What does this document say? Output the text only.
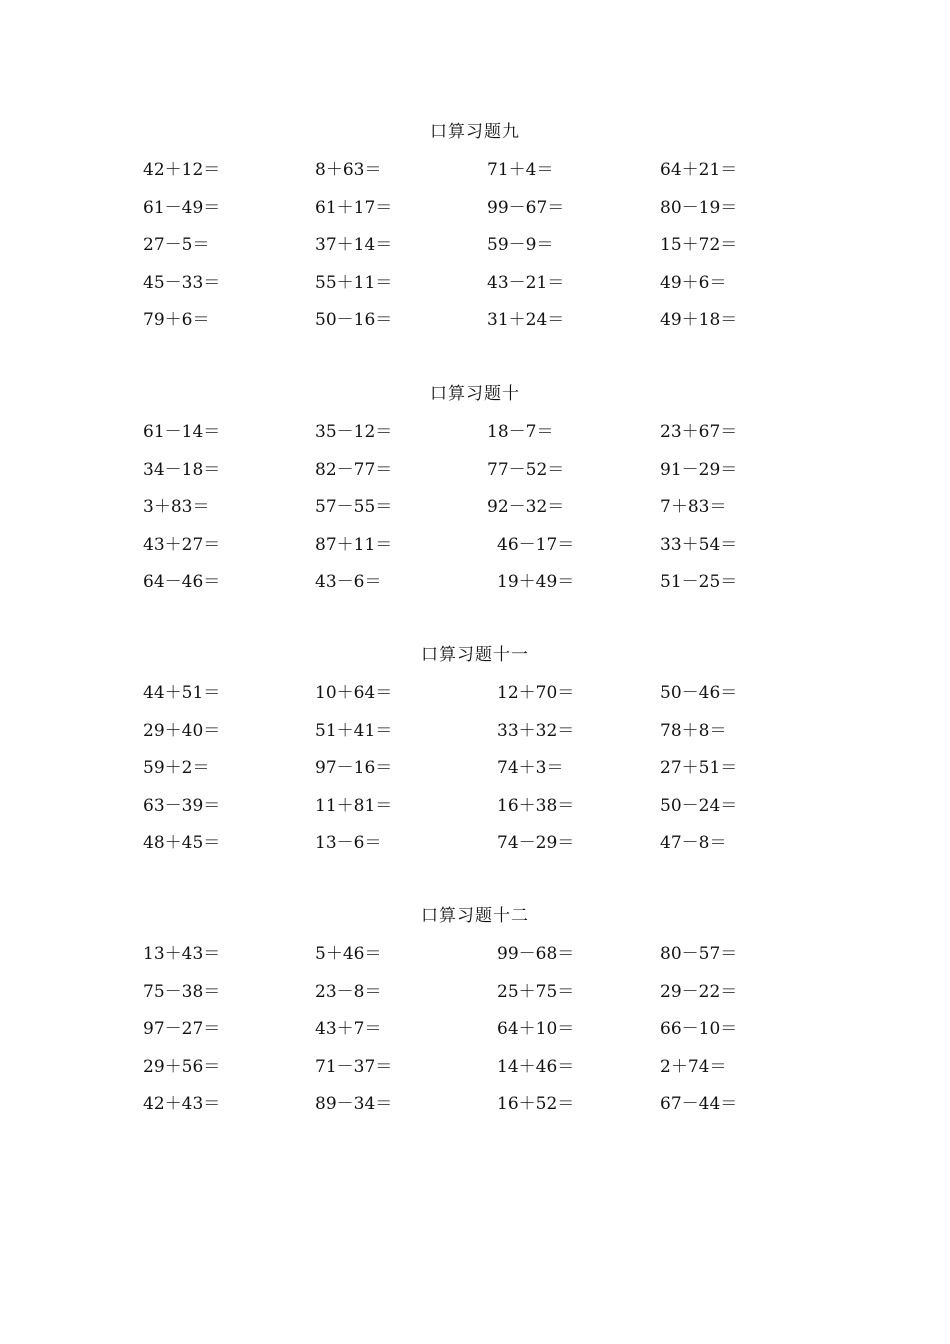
口算习题九
42＋12＝	8＋63＝	71＋4＝	64＋21＝
61－49＝	61＋17＝	99－67＝	80－19＝
27－5＝	37＋14＝	59－9＝	15＋72＝
45－33＝	55＋11＝	43－21＝	49＋6＝
79＋6＝	50－16＝	31＋24＝	49＋18＝
口算习题十
61－14＝	35－12＝	18－7＝	23＋67＝
34－18＝	82－77＝	77－52＝	91－29＝
3＋83＝	57－55＝	92－32＝	7＋83＝
43＋27＝	87＋11＝	46－17＝	33＋54＝
64－46＝	43－6＝	19＋49＝	51－25＝
口算习题十一
44＋51＝	10＋64＝	12＋70＝	50－46＝
29＋40＝	51＋41＝	33＋32＝	78＋8＝
59＋2＝	97－16＝	74＋3＝	27＋51＝
63－39＝	11＋81＝	16＋38＝	50－24＝
48＋45＝	13－6＝	74－29＝	47－8＝
口算习题十二
13＋43＝	5＋46＝	99－68＝	80－57＝
75－38＝	23－8＝	25＋75＝	29－22＝
97－27＝	43＋7＝	64＋10＝	66－10＝
29＋56＝	71－37＝	14＋46＝	2＋74＝
42＋43＝	89－34＝	16＋52＝	67－44＝
